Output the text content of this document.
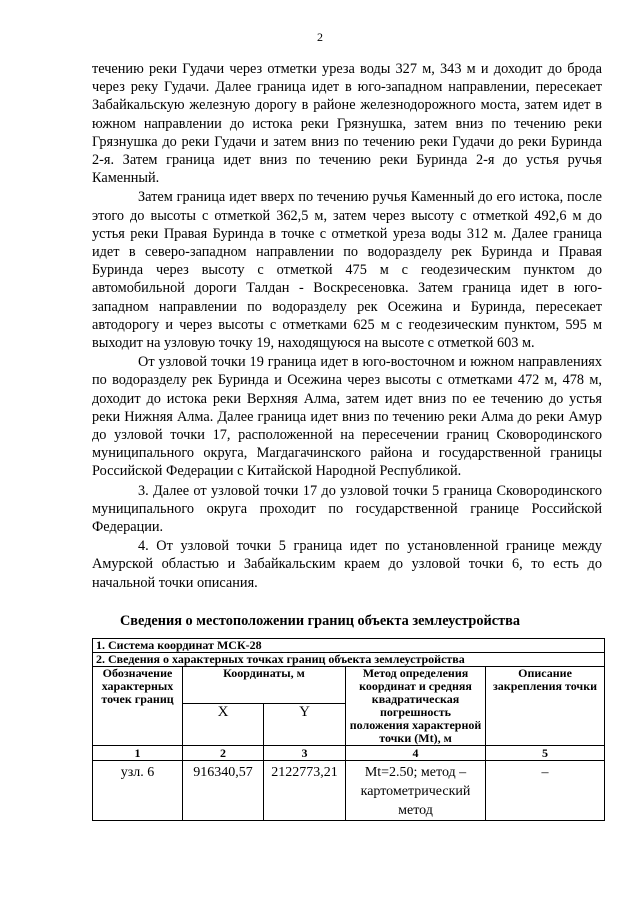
2

течению реки Гудачи через отметки уреза воды 327 м, 343 м и доходит до брода через реку Гудачи. Далее граница идет в юго-западном направлении, пересекает Забайкальскую железную дорогу в районе железнодорожного моста, затем идет в южном направлении до истока реки Грязнушка, затем вниз по течению реки Грязнушка до реки Гудачи и затем вниз по течению реки Гудачи до реки Буринда 2-я. Затем граница идет вниз по течению реки Буринда 2-я до устья ручья Каменный.

Затем граница идет вверх по течению ручья Каменный до его истока, после этого до высоты с отметкой 362,5 м, затем через высоту с отметкой 492,6 м до устья реки Правая Буринда в точке с отметкой уреза воды 312 м. Далее граница идет в северо-западном направлении по водоразделу рек Буринда и Правая Буринда через высоту с отметкой 475 м с геодезическим пунктом до автомобильной дороги Талдан - Воскресеновка. Затем граница идет в юго-западном направлении по водоразделу рек Осежина и Буринда, пересекает автодорогу и через высоты с отметками 625 м с геодезическим пунктом, 595 м выходит на узловую точку 19, находящуюся на высоте с отметкой 603 м.

От узловой точки 19 граница идет в юго-восточном и южном направлениях по водоразделу рек Буринда и Осежина через высоты с отметками 472 м, 478 м, доходит до истока реки Верхняя Алма, затем идет вниз по ее течению до устья реки Нижняя Алма. Далее граница идет вниз по течению реки Алма до реки Амур до узловой точки 17, расположенной на пересечении границ Сковородинского муниципального округа, Магдагачинского района и государственной границы Российской Федерации с Китайской Народной Республикой.

3. Далее от узловой точки 17 до узловой точки 5 граница Сковородинского муниципального округа проходит по государственной границе Российской Федерации.

4. От узловой точки 5 граница идет по установленной границе между Амурской областью и Забайкальским краем до узловой точки 6, то есть до начальной точки описания.

Сведения о местоположении границ объекта землеустройства
1. Система координат МСК-28				
2. Сведения о характерных точках границ объекта землеустройства				
Обозначение характерных точек границ	Координаты, м		Метод определения координат и средняя квадратическая погрешность положения характерной точки (Mt), м	Описание закрепления точки
	X	Y		
1	2	3	4	5
узл. 6	916340,57	2122773,21	Mt=2.50; метод – картометрический метод	–
